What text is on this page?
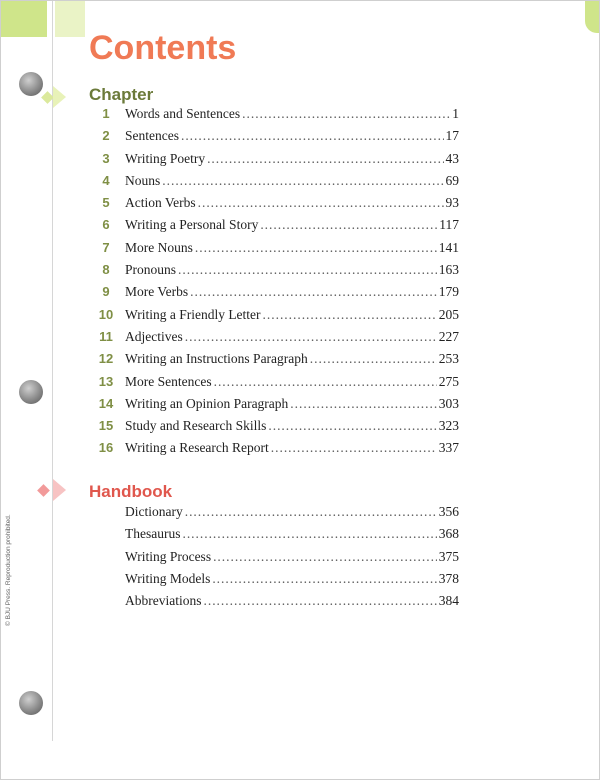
Contents
Chapter
1	Words and Sentences . . .	1
2	Sentences . . .	17
3	Writing Poetry . . .	43
4	Nouns . . .	69
5	Action Verbs . . .	93
6	Writing a Personal Story . . .	117
7	More Nouns . . .	141
8	Pronouns . . .	163
9	More Verbs . . .	179
10 Writing a Friendly Letter . . .	205
11 Adjectives . . .	227
12 Writing an Instructions Paragraph . . .	253
13 More Sentences . . .	275
14 Writing an Opinion Paragraph . . .	303
15 Study and Research Skills . . .	323
16 Writing a Research Report . . .	337
Handbook
Dictionary . . .	356
Thesaurus . . .	368
Writing Process . . .	375
Writing Models . . .	378
Abbreviations . . .	384
© BJU Press. Reproduction prohibited.
